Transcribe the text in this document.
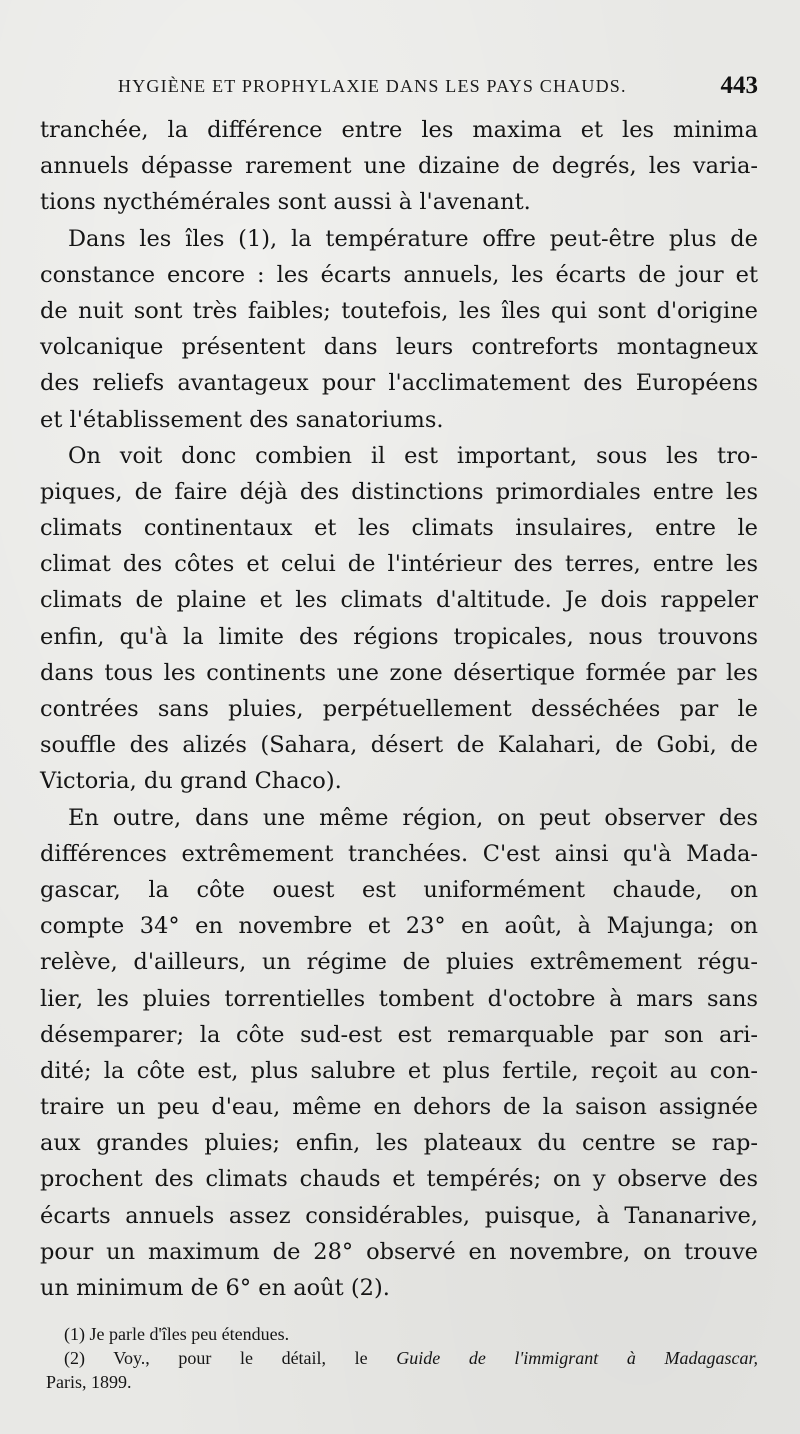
HYGIÈNE ET PROPHYLAXIE DANS LES PAYS CHAUDS.	443
tranchée, la différence entre les maxima et les minima
annuels dépasse rarement une dizaine de degrés, les varia-
tions nycthémérales sont aussi à l'avenant.
Dans les îles (1), la température offre peut-être plus de
constance encore : les écarts annuels, les écarts de jour et
de nuit sont très faibles; toutefois, les îles qui sont d'origine
volcanique présentent dans leurs contreforts montagneux
des reliefs avantageux pour l'acclimatement des Européens
et l'établissement des sanatoriums.
On voit donc combien il est important, sous les tro-
piques, de faire déjà des distinctions primordiales entre les
climats continentaux et les climats insulaires, entre le
climat des côtes et celui de l'intérieur des terres, entre les
climats de plaine et les climats d'altitude. Je dois rappeler
enfin, qu'à la limite des régions tropicales, nous trouvons
dans tous les continents une zone désertique formée par les
contrées sans pluies, perpétuellement desséchées par le
souffle des alizés (Sahara, désert de Kalahari, de Gobi, de
Victoria, du grand Chaco).
En outre, dans une même région, on peut observer des
différences extrêmement tranchées. C'est ainsi qu'à Mada-
gascar, la côte ouest est uniformément chaude, on
compte 34° en novembre et 23° en août, à Majunga; on
relève, d'ailleurs, un régime de pluies extrêmement régu-
lier, les pluies torrentielles tombent d'octobre à mars sans
désemparer; la côte sud-est est remarquable par son ari-
dité; la côte est, plus salubre et plus fertile, reçoit au con-
traire un peu d'eau, même en dehors de la saison assignée
aux grandes pluies; enfin, les plateaux du centre se rap-
prochent des climats chauds et tempérés; on y observe des
écarts annuels assez considérables, puisque, à Tananarive,
pour un maximum de 28° observé en novembre, on trouve
un minimum de 6° en août (2).
(1) Je parle d'îles peu étendues.
(2) Voy., pour le détail, le Guide de l'immigrant à Madagascar,
Paris, 1899.
